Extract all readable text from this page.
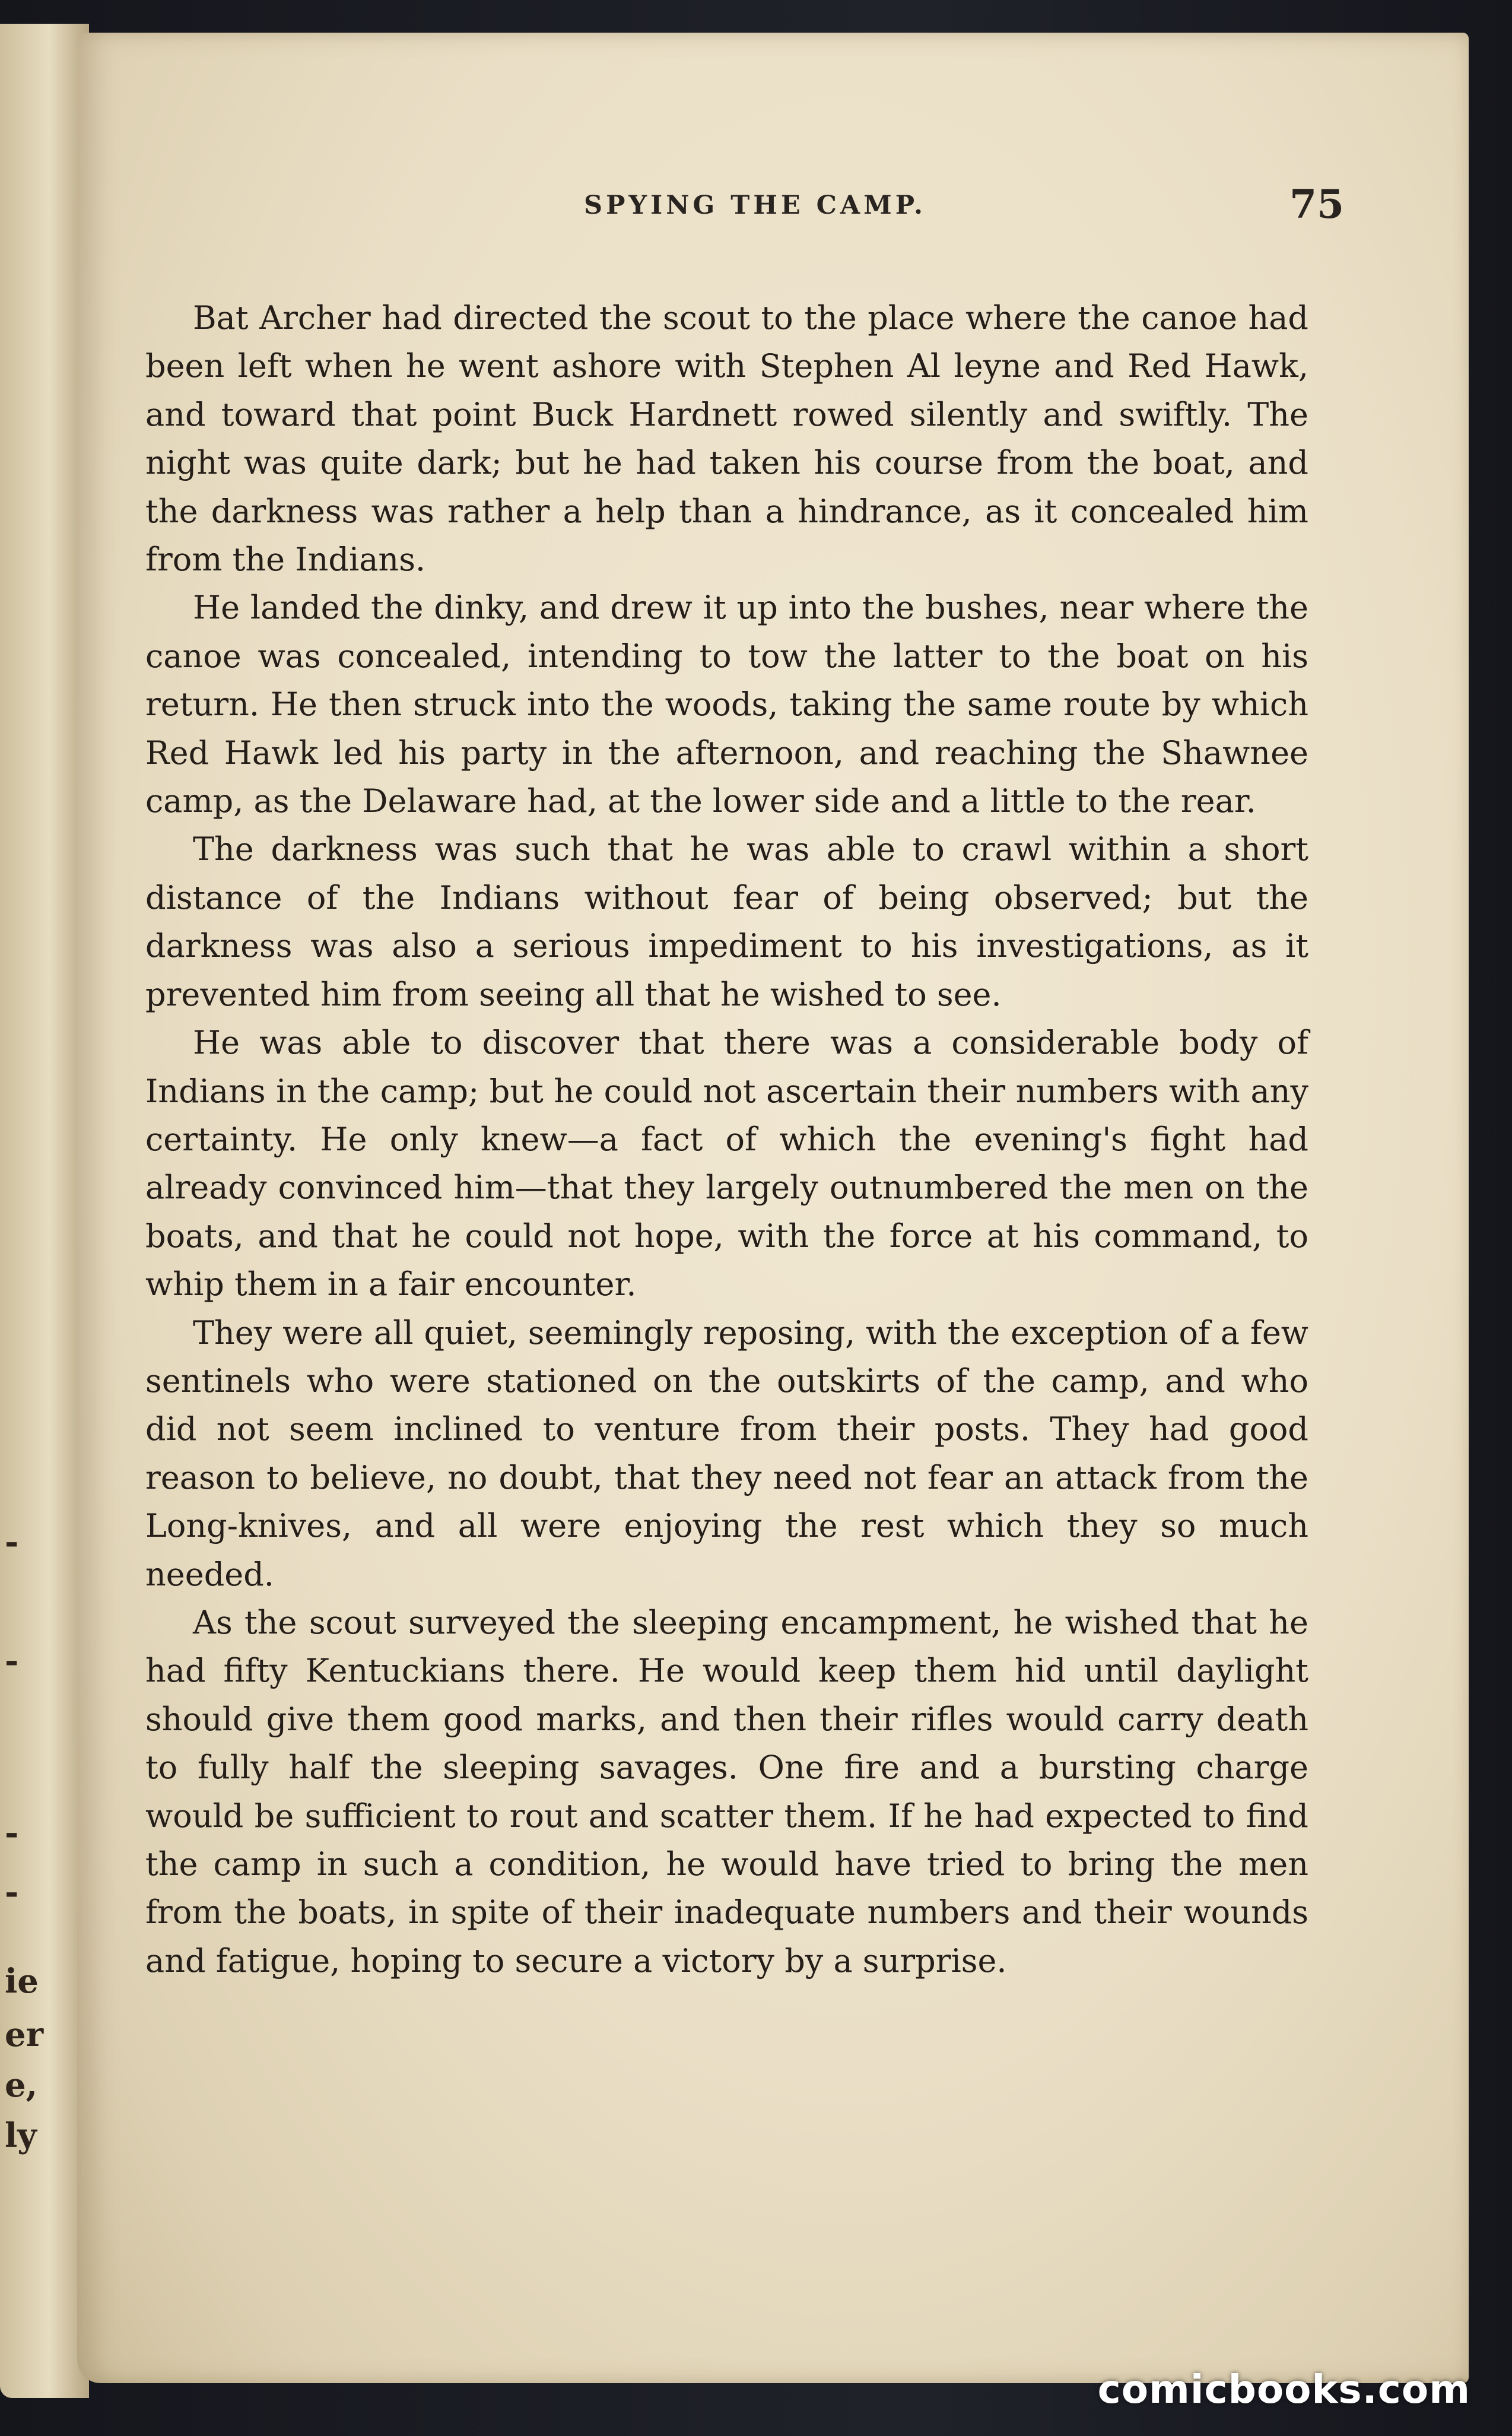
-
-
-
-
ie
er
e,
ly
SPYING THE CAMP.	75

Bat Archer had directed the scout to the place where the canoe had been left when he went ashore with Stephen Al leyne and Red Hawk, and toward that point Buck Hardnett rowed silently and swiftly. The night was quite dark; but he had taken his course from the boat, and the darkness was rather a help than a hindrance, as it concealed him from the Indians.

He landed the dinky, and drew it up into the bushes, near where the canoe was concealed, intending to tow the latter to the boat on his return. He then struck into the woods, taking the same route by which Red Hawk led his party in the afternoon, and reaching the Shawnee camp, as the Delaware had, at the lower side and a little to the rear.

The darkness was such that he was able to crawl within a short distance of the Indians without fear of being observed; but the darkness was also a serious impediment to his investigations, as it prevented him from seeing all that he wished to see.

He was able to discover that there was a considerable body of Indians in the camp; but he could not ascertain their numbers with any certainty. He only knew—a fact of which the evening's fight had already convinced him—that they largely outnumbered the men on the boats, and that he could not hope, with the force at his command, to whip them in a fair encounter.

They were all quiet, seemingly reposing, with the exception of a few sentinels who were stationed on the outskirts of the camp, and who did not seem inclined to venture from their posts. They had good reason to believe, no doubt, that they need not fear an attack from the Long-knives, and all were enjoying the rest which they so much needed.

As the scout surveyed the sleeping encampment, he wished that he had fifty Kentuckians there. He would keep them hid until daylight should give them good marks, and then their rifles would carry death to fully half the sleeping savages. One fire and a bursting charge would be sufficient to rout and scatter them. If he had expected to find the camp in such a condition, he would have tried to bring the men from the boats, in spite of their inadequate numbers and their wounds and fatigue, hoping to secure a victory by a surprise.

comicbooks.com
